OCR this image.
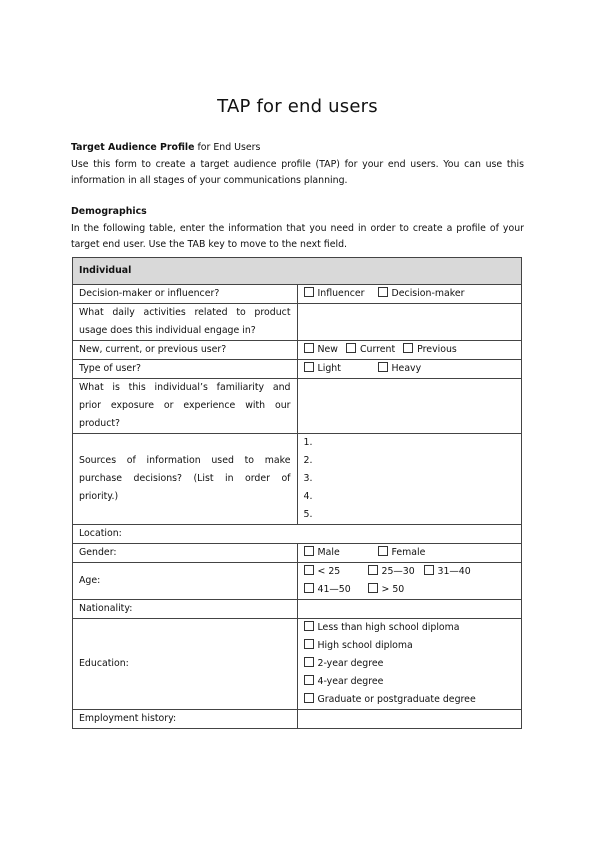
TAP for end users
Target Audience Profile for End Users
Use this form to create a target audience profile (TAP) for your end users. You can use this information in all stages of your communications planning.
Demographics
In the following table, enter the information that you need in order to create a profile of your target end user. Use the TAB key to move to the next field.
Individual	
Decision-maker or influencer?	Influencer Decision-maker

What daily activities related to product
usage does this individual engage in?	

New, current, or previous user?	New Current Previous
Type of user?	Light Heavy

What is this individual’s familiarity and
prior exposure or experience with our
product?	

Sources of information used to make
purchase decisions? (List in order of
priority.)	1.
2.
3.
4.
5.

Location:	
Gender:	Male Female
Age:	< 25 25—30 31—40
41—50 > 50

Nationality:	
Education:	Less than high school diploma
High school diploma
2-year degree
4-year degree
Graduate or postgraduate degree

Employment history:	
